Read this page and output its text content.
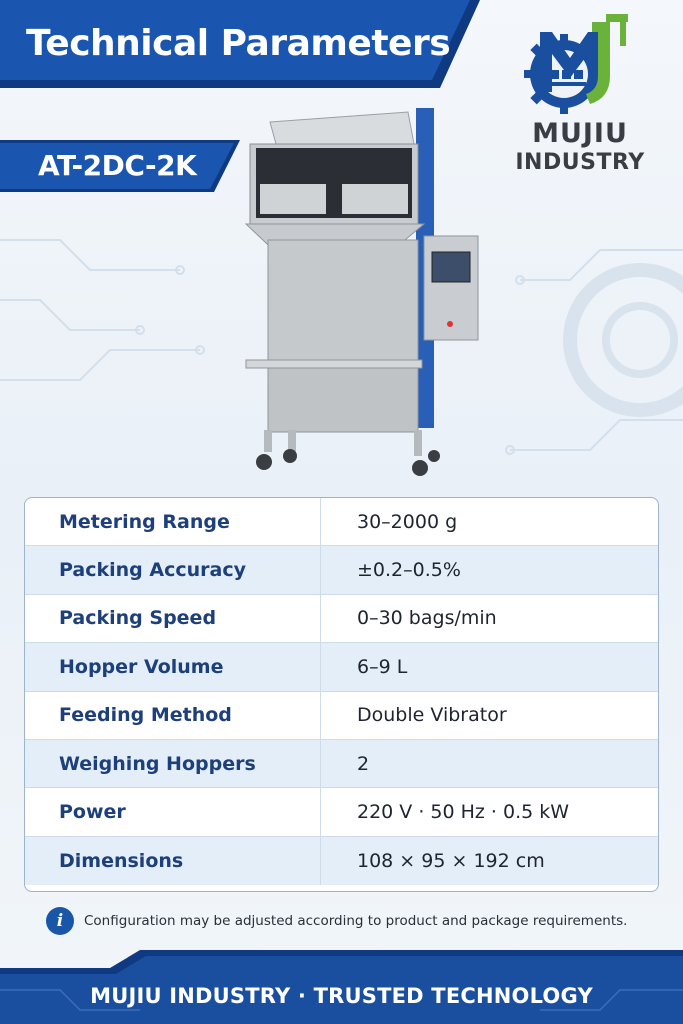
Technical Parameters
AT-2DC-2K
MUJIU
INDUSTRY
Metering Range	30–2000 g
Packing Accuracy	±0.2–0.5%
Packing Speed	0–30 bags/min
Hopper Volume	6–9 L
Feeding Method	Double Vibrator
Weighing Hoppers	2
Power	220 V · 50 Hz · 0.5 kW
Dimensions	108 × 95 × 192 cm
i	Configuration may be adjusted according to product and package requirements.
MUJIU INDUSTRY · TRUSTED TECHNOLOGY
